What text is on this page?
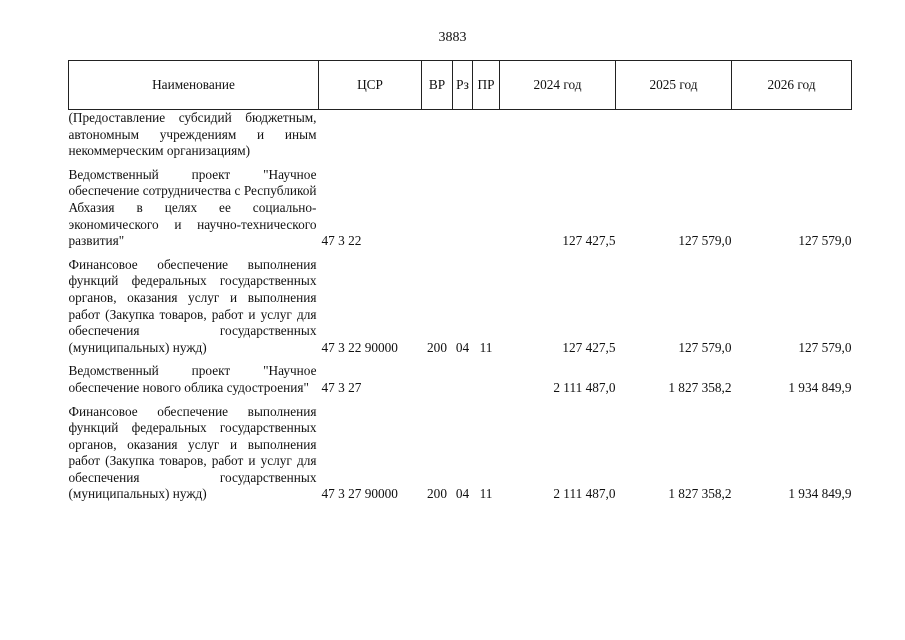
3883
Наименование	ЦСР	ВР	Рз	ПР	2024 год	2025 год	2026 год
(Предоставление субсидий бюджетным, автономным учреждениям и иным некоммерческим организациям)							
Ведомственный проект "Научное обеспечение сотрудничества с Республикой Абхазия в целях ее социально-экономического и научно-технического развития"	47 3 22				127 427,5	127 579,0	127 579,0
Финансовое обеспечение выполнения функций федеральных государственных органов, оказания услуг и выполнения работ (Закупка товаров, работ и услуг для обеспечения государственных (муниципальных) нужд)	47 3 22 90000	200	04	11	127 427,5	127 579,0	127 579,0
Ведомственный проект "Научное обеспечение нового облика судостроения"	47 3 27				2 111 487,0	1 827 358,2	1 934 849,9
Финансовое обеспечение выполнения функций федеральных государственных органов, оказания услуг и выполнения работ (Закупка товаров, работ и услуг для обеспечения государственных (муниципальных) нужд)	47 3 27 90000	200	04	11	2 111 487,0	1 827 358,2	1 934 849,9
